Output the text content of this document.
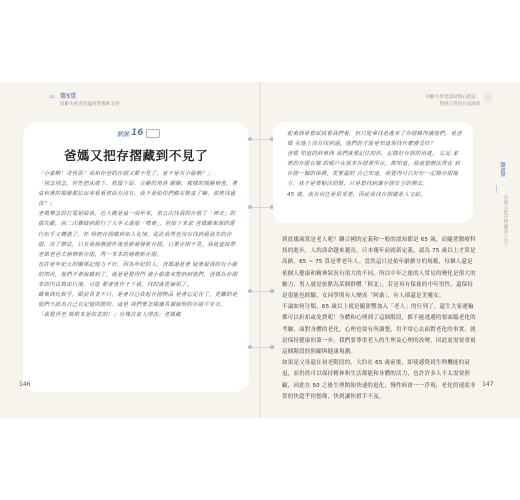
❧ 第5堂
同齡失智者的溫度準備和支持
同齡失智者認同情心把話，
對照日常的方法說明
狀況 16
爸媽又把存摺藏到不見了

「小豪啊！奇怪耶！我和你爸的存摺又都不見了，是不是有小偷啊？」

「別急別急，你先把床底下、枕頭下面、衣櫥的角落 瞧瞧，樣樣的抽屜檢查，書桌和書的抽屜都拉出來看看裡面有沒有，我不是給你們藏在鞋盒了嘛，那裡找過沒？」

老媽舉急的打電話給我，近大概是這一兩年來，第五次找我的存摺了「神奇」的搞失蹤，前二次聯絡到銀行了大半又還他「噗東」，但接下來家 爸媽藏東西的運行似乎又轉進了，怀 秒把存摺藏到如人化境，從此我再也沒有找到過消失的存摺，沒了辦法，只有我補辦證件後重新補發新存摺。只要存摺不見，我就直接帶老媽老爸去補辦新存摺，再一本本的補辦新存摺。

也許是年紀大的關係記憶力不好，因為年紀的人，爸媽還是會 疑東疑西的有小偷的情況，他們不會說藏到了，就是是覺得門 連小偷進來整到到他們，爸媽在存摺本的內頁寫出以後，可能 都會當作于下就，找的就更麻煩了。

藏東西比較乎，眼前長者不只，是會自己收起存摺物品 是會忘記存了，更難的是他們不認為自己有記憶問題的，這是 我們要怎樣讓長輩說明的存摺平安有。

「我覺得老 媽根本是故意的！」有幾次家人埋怨：老媽藏

起東西是想試試看我們看，但只能拿找是進來了存摺藏得讓他們，是爸媽 在地上沒有找到過，他們的才能是知道那找什麼感受好？

爸媽 知道的到東西 我們就要記住的你，記錄好存摺的用處， 忘記 家裡的存摺在哪 的帳戶在那本存摺裡所在，都知道，我就想辦法再在 到存摺一個的保護，更要留的 自己知道，我覺得可以好好一記錄存摺地方，我不是要解決問題，只是想找到讓存摺安全的辦法。

45 歲，我有信任是很重要，因此我找存摺總是人交給。

到底幾歲算是老人呢？聯合國的定義和一般的認知都是 65 歲，而隨著醫療科技的進步，人的壽命越來越長，日本幾年前就新定義，認為 75 歲以上才算是高齡，65 ~ 75 算是準老年人。當然這只是依年齡劃分的規範，每個人還是依個人健康和精神狀況有很大的不同，所以中年之後的人常見的變化是很大的魅力，男人就是依點為某個群體「阿北」，若是再有保養的中年男性，還保持是很能也經驗，女同學則有人變成「阿桑」，有人卻還是美魔女。

不論如何分類，65 歲以上就是隨影響加入「老人」的行列了，還生大家運輸都可以折扣或免費呢！身體和心理到了這個階段，都不能逃避的要面臨老化的考驗，面對身體的老化，心理也要有所調整，用平常心去面對老化的事實，就是保持健康的第一步，我們要尊重老人的生理及心理的改變，因此更需要重視這個階段的照顧與健康規劃。

如果是父母還在初老階段的，大約在 65 歲前後，即使感覺到生理機能的衰退，而仍然可以保持精神和生活都能和身體的活力，也許許多人不太需要照顧，因此在 50 之後生理開始快速的退化，慢性病會一一浮現，老化的速度非常的快超乎你想像，快到讓你措手不及。

第5堂
爸媽又把存摺藏到不見了
146	147
